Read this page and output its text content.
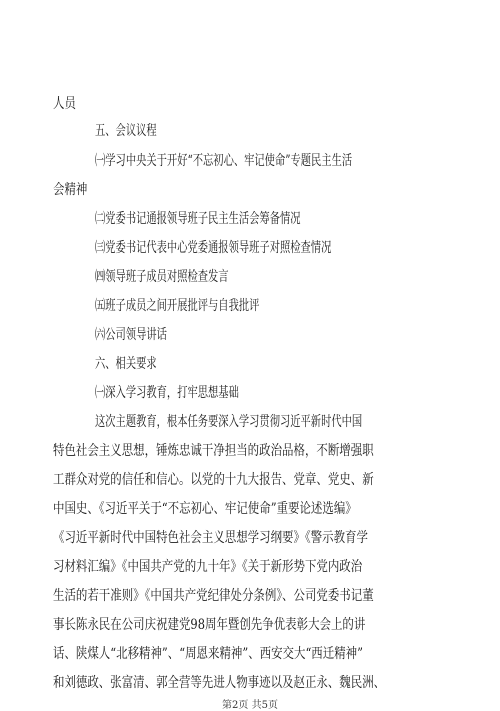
人员
五、会议议程
㈠学习中央关于开好“不忘初心、牢记使命”专题民主生活
会精神
㈡党委书记通报领导班子民主生活会筹备情况
㈢党委书记代表中心党委通报领导班子对照检查情况
㈣领导班子成员对照检查发言
㈤班子成员之间开展批评与自我批评
㈥公司领导讲话
六、相关要求
㈠深入学习教育，打牢思想基础
这次主题教育，根本任务要深入学习贯彻习近平新时代中国
特色社会主义思想，锤炼忠诚干净担当的政治品格，不断增强职
工群众对党的信任和信心。以党的十九大报告、党章、党史、新
中国史、《习近平关于“不忘初心、牢记使命”重要论述选编》
《习近平新时代中国特色社会主义思想学习纲要》《警示教育学
习材料汇编》《中国共产党的九十年》《关于新形势下党内政治
生活的若干准则》《中国共产党纪律处分条例》、公司党委书记董
事长陈永民在公司庆祝建党98周年暨创先争优表彰大会上的讲
话、陕煤人“北移精神”、“周恩来精神”、西安交大“西迁精神”
和刘德政、张富清、郭全营等先进人物事迹以及赵正永、魏民洲、
第2页 共5页
